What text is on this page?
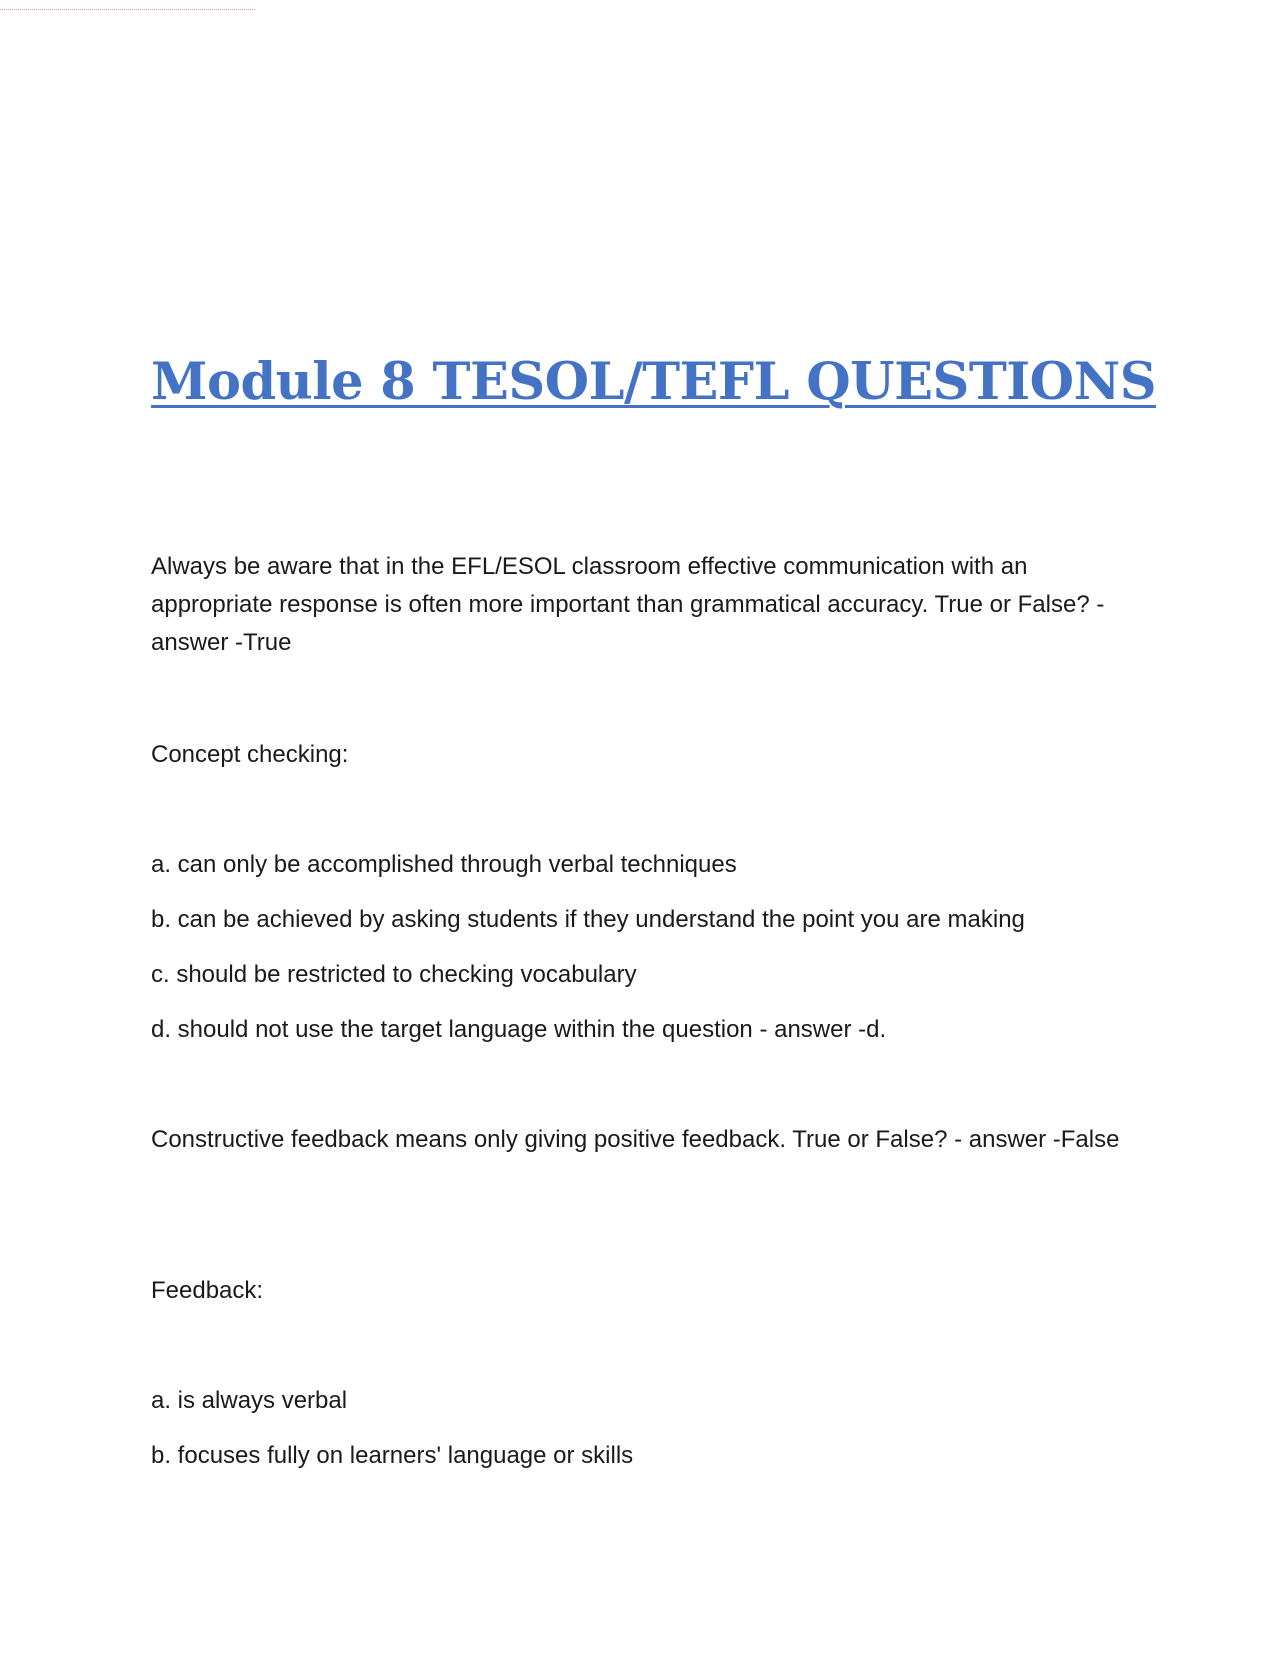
Module 8 TESOL/TEFL QUESTIONS

Always be aware that in the EFL/ESOL classroom effective communication with an appropriate response is often more important than grammatical accuracy. True or False? - answer -True

Concept checking:

a. can only be accomplished through verbal techniques
b. can be achieved by asking students if they understand the point you are making
c. should be restricted to checking vocabulary
d. should not use the target language within the question - answer -d.

Constructive feedback means only giving positive feedback. True or False? - answer -False

Feedback:

a. is always verbal
b. focuses fully on learners' language or skills
